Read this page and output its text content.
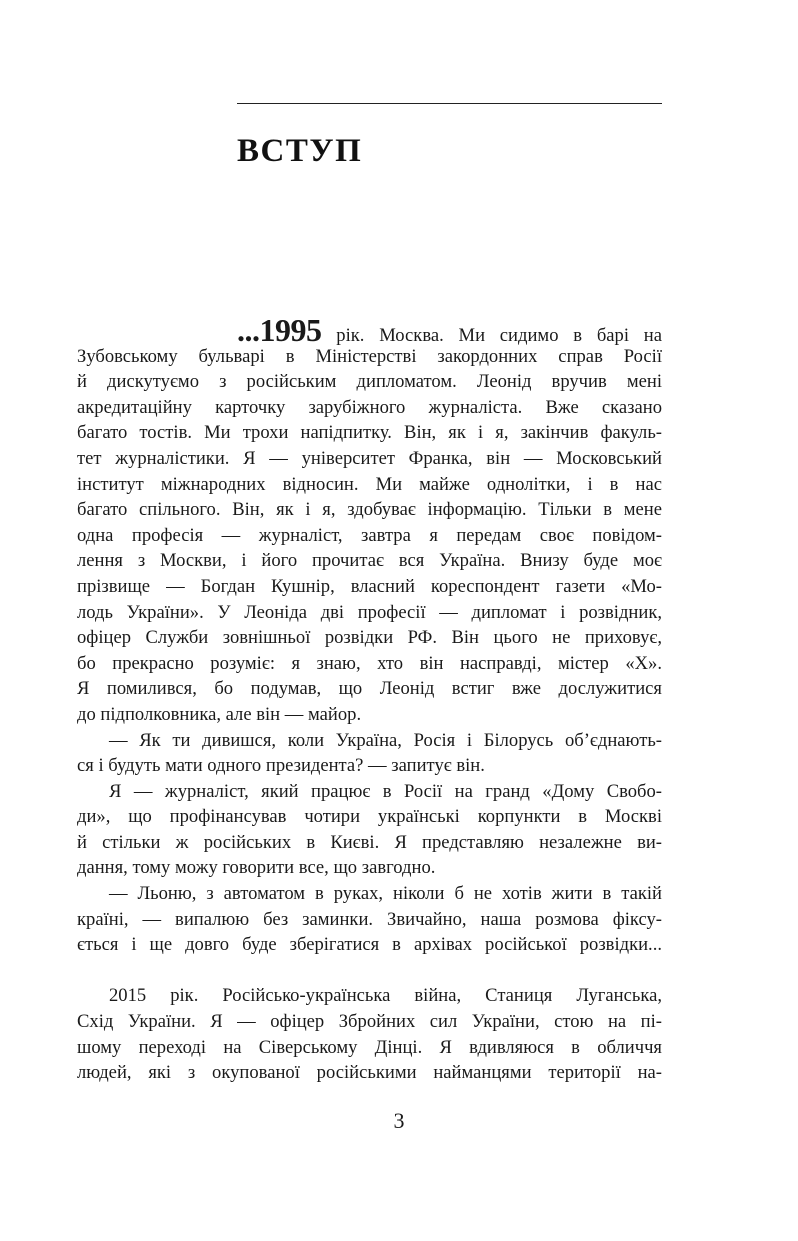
ВСТУП
...1995 рік. Москва. Ми сидимо в барі на
Зубовському бульварі в Міністерстві закордонних справ Росії
й дискутуємо з російським дипломатом. Леонід вручив мені
акредитаційну карточку зарубіжного журналіста. Вже сказано
багато тостів. Ми трохи напідпитку. Він, як і я, закінчив факуль-
тет журналістики. Я — університет Франка, він — Московський
інститут міжнародних відносин. Ми майже однолітки, і в нас
багато спільного. Він, як і я, здобуває інформацію. Тільки в мене
одна професія — журналіст, завтра я передам своє повідом-
лення з Москви, і його прочитає вся Україна. Внизу буде моє
прізвище — Богдан Кушнір, власний кореспондент газети «Мо-
лодь України». У Леоніда дві професії — дипломат і розвідник,
офіцер Служби зовнішньої розвідки РФ. Він цього не приховує,
бо прекрасно розуміє: я знаю, хто він насправді, містер «Х».
Я помилився, бо подумав, що Леонід встиг вже дослужитися
до підполковника, але він — майор.
— Як ти дивишся, коли Україна, Росія і Білорусь об’єднають-
ся і будуть мати одного президента? — запитує він.
Я — журналіст, який працює в Росії на гранд «Дому Свобо-
ди», що профінансував чотири українські корпункти в Москві
й стільки ж російських в Києві. Я представляю незалежне ви-
дання, тому можу говорити все, що завгодно.
— Льоню, з автоматом в руках, ніколи б не хотів жити в такій
країні, — випалюю без заминки. Звичайно, наша розмова фіксу-
ється і ще довго буде зберігатися в архівах російської розвідки...
2015 рік. Російсько-українська війна, Станиця Луганська,
Схід України. Я — офіцер Збройних сил України, стою на пі-
шому переході на Сіверському Дінці. Я вдивляюся в обличчя
людей, які з окупованої російськими найманцями території на-
3
